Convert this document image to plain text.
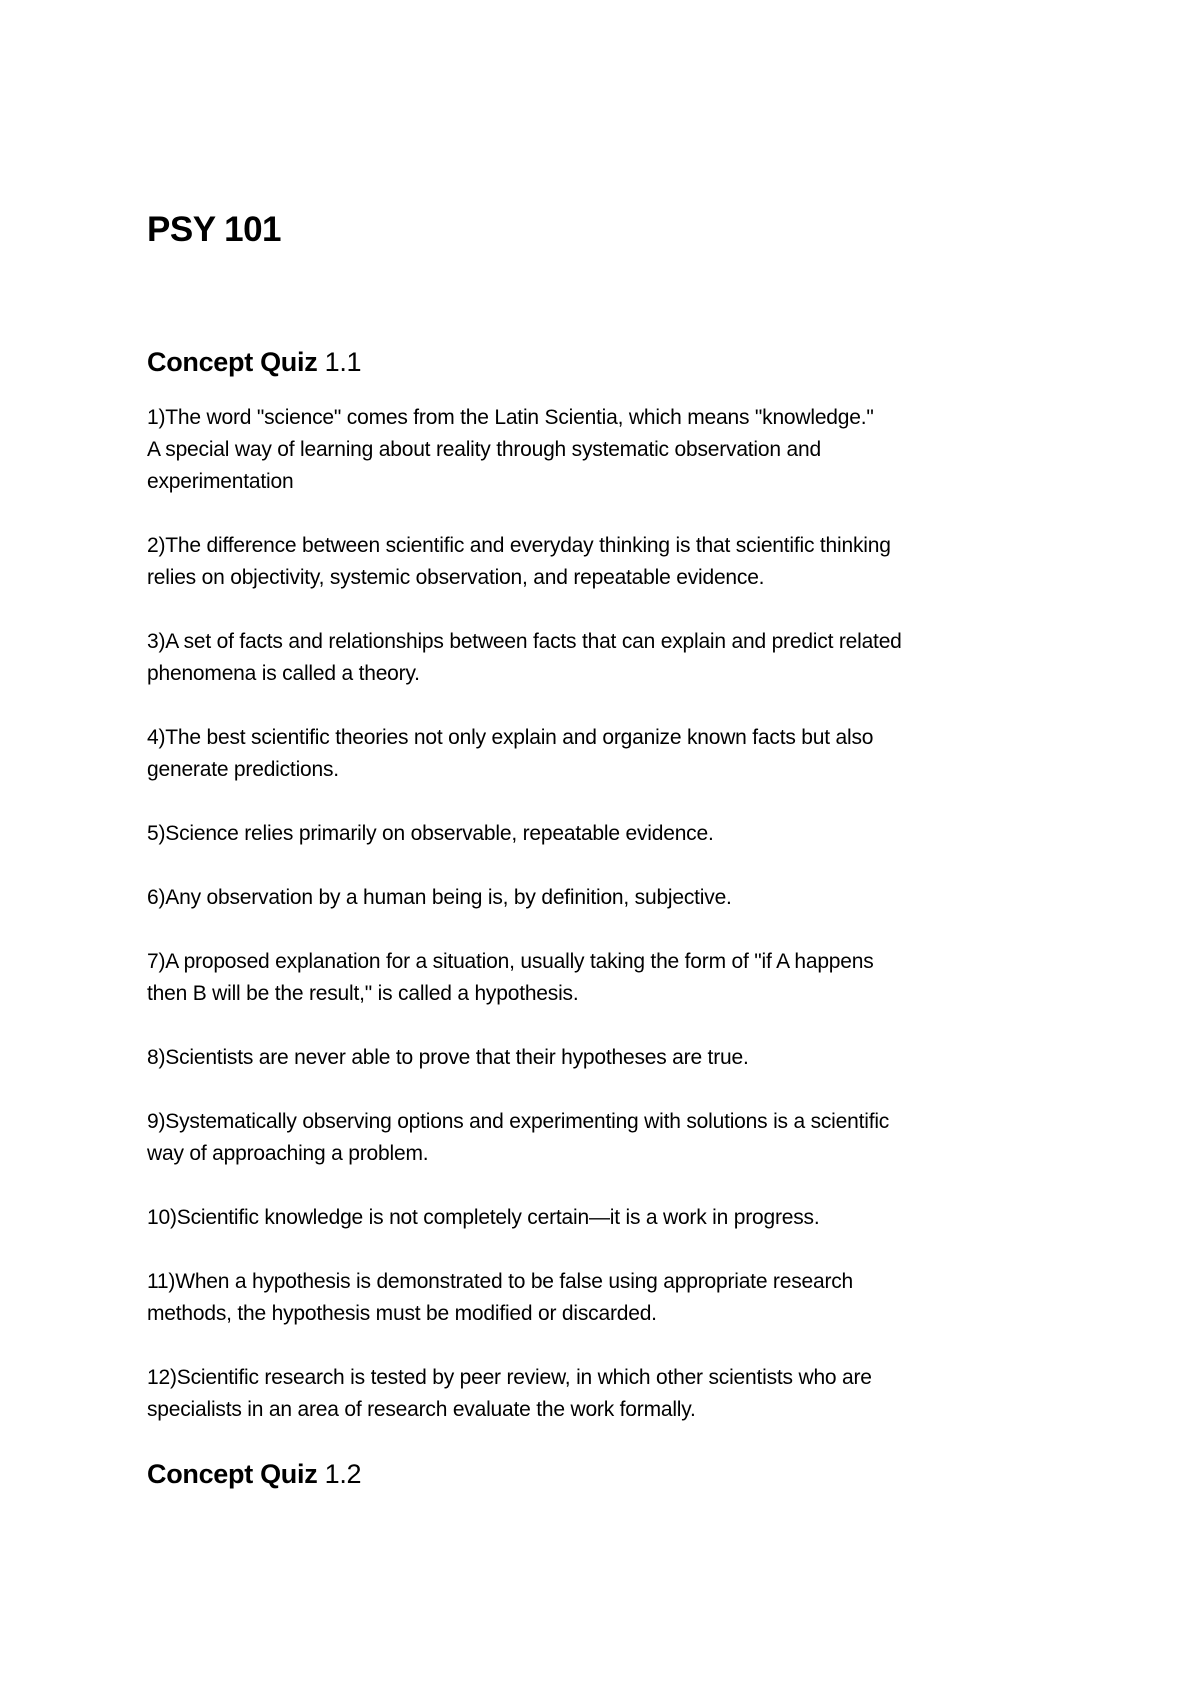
PSY 101
Concept Quiz 1.1
1)The word "science" comes from the Latin Scientia, which means "knowledge."
A special way of learning about reality through systematic observation and
experimentation
2)The difference between scientific and everyday thinking is that scientific thinking
relies on objectivity, systemic observation, and repeatable evidence.
3)A set of facts and relationships between facts that can explain and predict related
phenomena is called a theory.
4)The best scientific theories not only explain and organize known facts but also
generate predictions.
5)Science relies primarily on observable, repeatable evidence.
6)Any observation by a human being is, by definition, subjective.
7)A proposed explanation for a situation, usually taking the form of "if A happens
then B will be the result," is called a hypothesis.
8)Scientists are never able to prove that their hypotheses are true.
9)Systematically observing options and experimenting with solutions is a scientific
way of approaching a problem.
10)Scientific knowledge is not completely certain—it is a work in progress.
11)When a hypothesis is demonstrated to be false using appropriate research
methods, the hypothesis must be modified or discarded.
12)Scientific research is tested by peer review, in which other scientists who are
specialists in an area of research evaluate the work formally.
Concept Quiz 1.2
